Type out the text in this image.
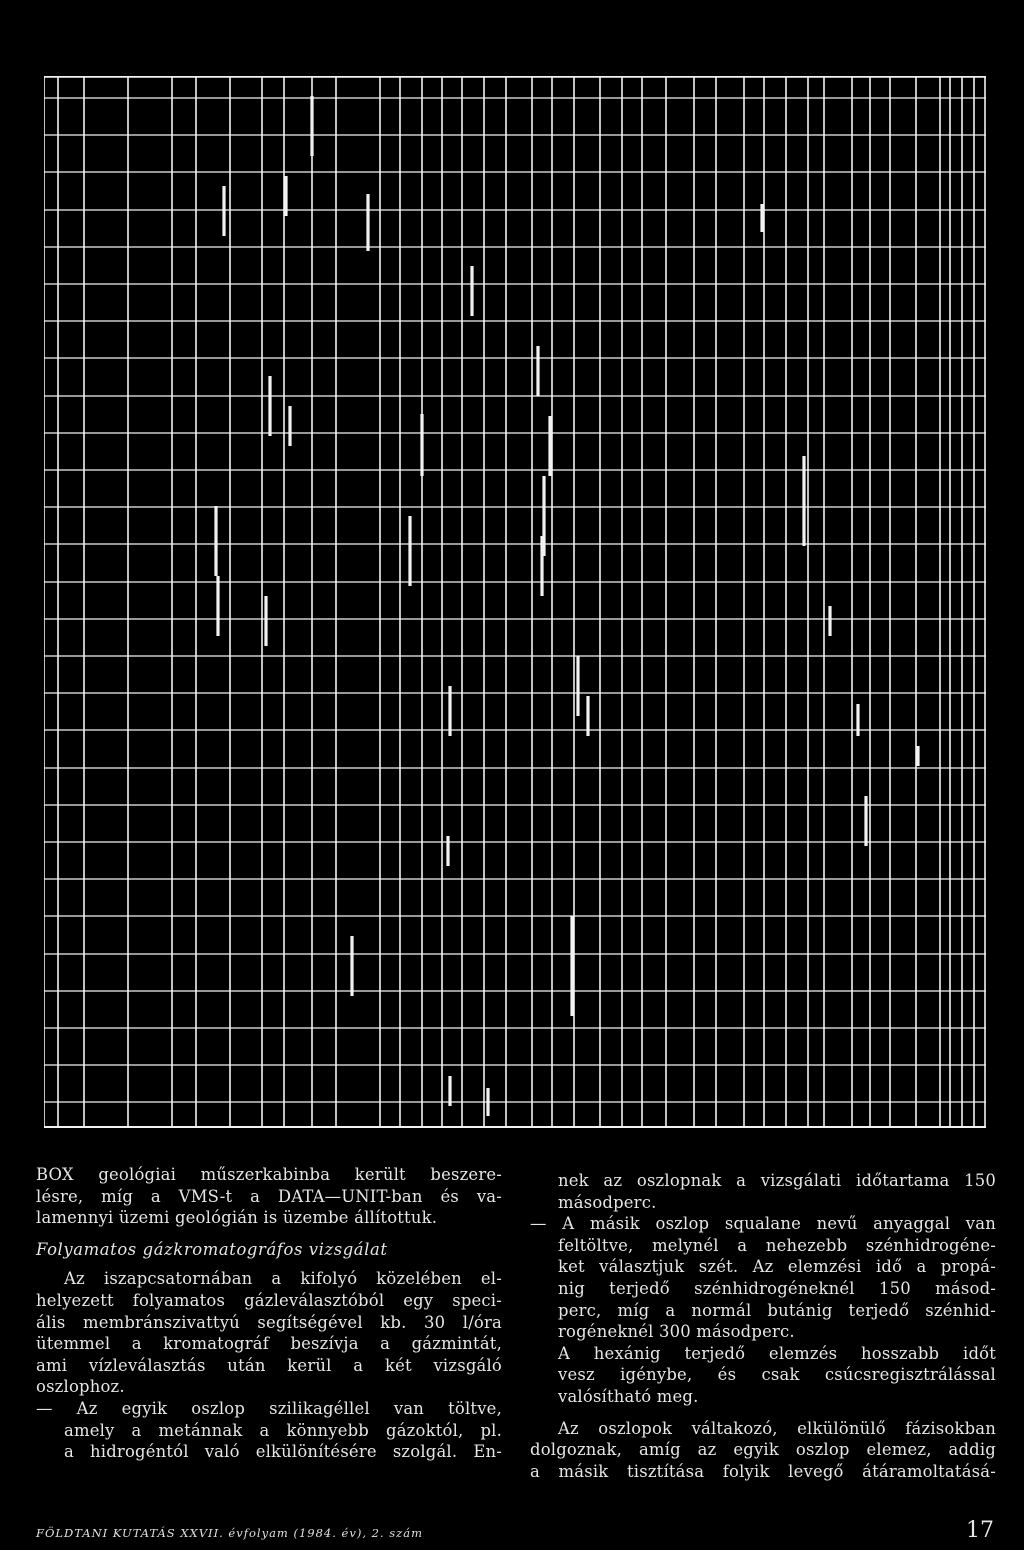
BOX geológiai műszerkabinba került beszere-

lésre, míg a VMS-t a DATA—UNIT-ban és va-

lamennyi üzemi geológián is üzembe állítottuk.

Folyamatos gázkromatográfos vizsgálat

Az iszapcsatornában a kifolyó közelében el-

helyezett folyamatos gázleválasztóból egy speci-

ális membránszivattyú segítségével kb. 30 l/óra

ütemmel a kromatográf beszívja a gázmintát,

ami vízleválasztás után kerül a két vizsgáló

oszlophoz.

— Az egyik oszlop szilikagéllel van töltve,

amely a metánnak a könnyebb gázoktól, pl.

a hidrogéntól való elkülönítésére szolgál. En-

nek az oszlopnak a vizsgálati időtartama 150

másodperc.

— A másik oszlop squalane nevű anyaggal van

feltöltve, melynél a nehezebb szénhidrogéne-

ket választjuk szét. Az elemzési idő a propá-

nig terjedő szénhidrogéneknél 150 másod-

perc, míg a normál butánig terjedő szénhid-

rogéneknél 300 másodperc.

A hexánig terjedő elemzés hosszabb időt

vesz igénybe, és csak csúcsregisztrálással

valósítható meg.

Az oszlopok váltakozó, elkülönülő fázisokban

dolgoznak, amíg az egyik oszlop elemez, addig

a másik tisztítása folyik levegő átáramoltatásá-

FÖLDTANI KUTATÁS XXVII. évfolyam (1984. év), 2. szám	17
